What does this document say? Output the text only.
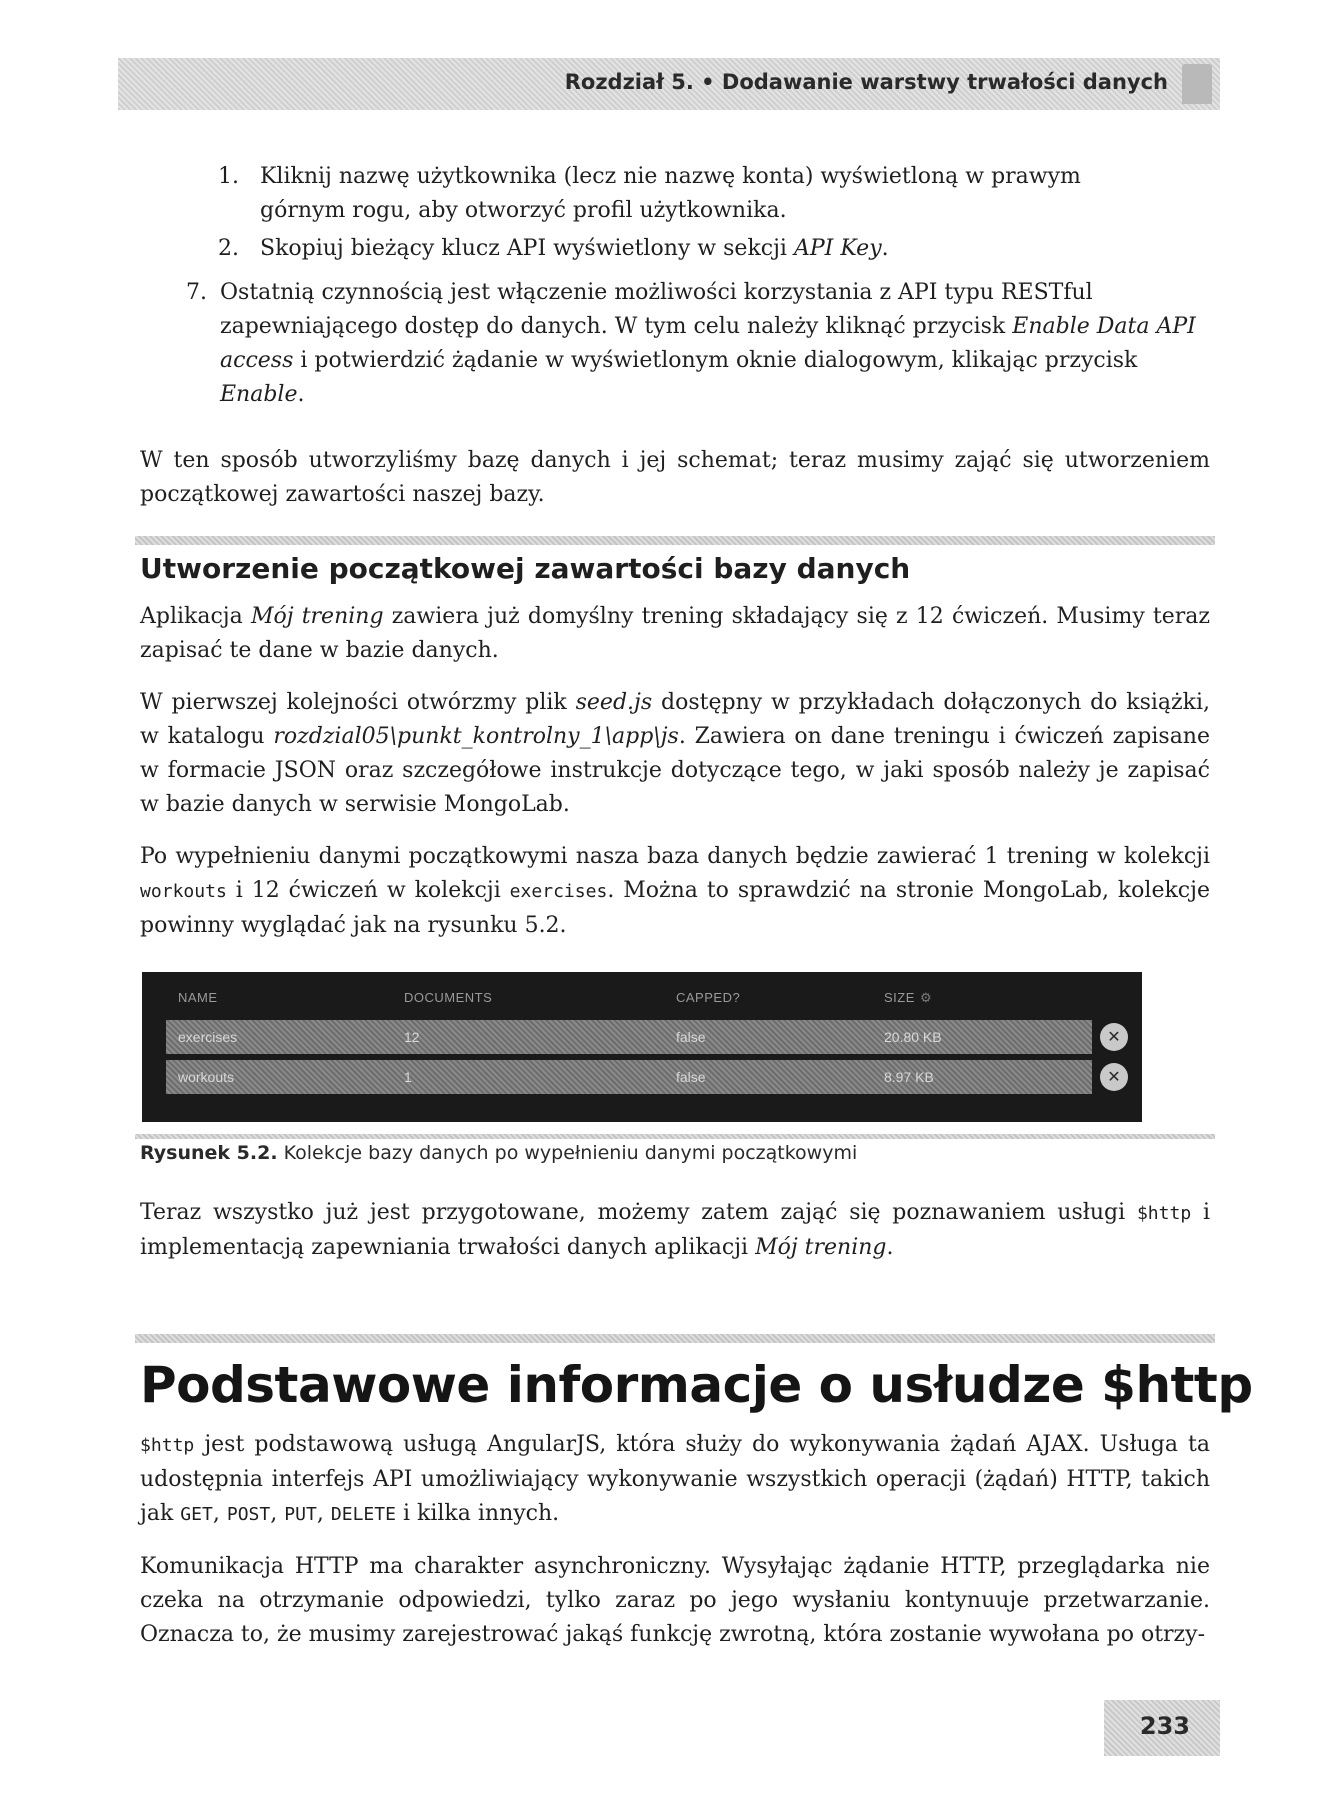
Rozdział 5. • Dodawanie warstwy trwałości danych
1. Kliknij nazwę użytkownika (lecz nie nazwę konta) wyświetloną w prawym górnym rogu, aby otworzyć profil użytkownika.
2. Skopiuj bieżący klucz API wyświetlony w sekcji API Key.
7. Ostatnią czynnością jest włączenie możliwości korzystania z API typu RESTful zapewniającego dostęp do danych. W tym celu należy kliknąć przycisk Enable Data API access i potwierdzić żądanie w wyświetlonym oknie dialogowym, klikając przycisk Enable.

W ten sposób utworzyliśmy bazę danych i jej schemat; teraz musimy zająć się utworzeniem początkowej zawartości naszej bazy.

Utworzenie początkowej zawartości bazy danych

Aplikacja Mój trening zawiera już domyślny trening składający się z 12 ćwiczeń. Musimy teraz zapisać te dane w bazie danych.

W pierwszej kolejności otwórzmy plik seed.js dostępny w przykładach dołączonych do książki, w katalogu rozdzial05\punkt_kontrolny_1\app\js. Zawiera on dane treningu i ćwiczeń zapisane w formacie JSON oraz szczegółowe instrukcje dotyczące tego, w jaki sposób należy je zapisać w bazie danych w serwisie MongoLab.

Po wypełnieniu danymi początkowymi nasza baza danych będzie zawierać 1 trening w kolekcji workouts i 12 ćwiczeń w kolekcji exercises. Można to sprawdzić na stronie MongoLab, kolekcje powinny wyglądać jak na rysunku 5.2.

NAME	DOCUMENTS	CAPPED?	SIZE ⚙
exercises	12	false	20.80 KB	✕
workouts	1	false	8.97 KB	✕
Rysunek 5.2. Kolekcje bazy danych po wypełnieniu danymi początkowymi

Teraz wszystko już jest przygotowane, możemy zatem zająć się poznawaniem usługi $http i implementacją zapewniania trwałości danych aplikacji Mój trening.

Podstawowe informacje o usłudze $http

$http jest podstawową usługą AngularJS, która służy do wykonywania żądań AJAX. Usługa ta udostępnia interfejs API umożliwiający wykonywanie wszystkich operacji (żądań) HTTP, takich jak GET, POST, PUT, DELETE i kilka innych.

Komunikacja HTTP ma charakter asynchroniczny. Wysyłając żądanie HTTP, przeglądarka nie czeka na otrzymanie odpowiedzi, tylko zaraz po jego wysłaniu kontynuuje przetwarzanie. Oznacza to, że musimy zarejestrować jakąś funkcję zwrotną, która zostanie wywołana po otrzy-

233
